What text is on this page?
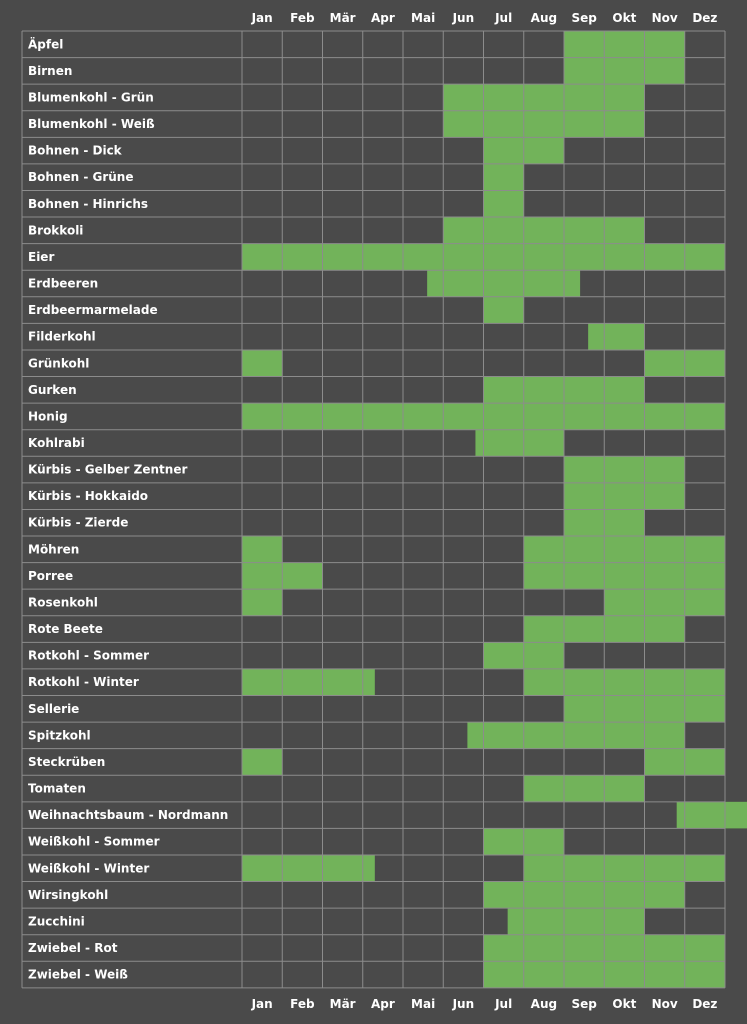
Äpfel
Birnen
Blumenkohl - Grün
Blumenkohl - Weiß
Bohnen - Dick
Bohnen - Grüne
Bohnen - Hinrichs
Brokkoli
Eier
Erdbeeren
Erdbeermarmelade
Filderkohl
Grünkohl
Gurken
Honig
Kohlrabi
Kürbis - Gelber Zentner
Kürbis - Hokkaido
Kürbis - Zierde
Möhren
Porree
Rosenkohl
Rote Beete
Rotkohl - Sommer
Rotkohl - Winter
Sellerie
Spitzkohl
Steckrüben
Tomaten
Weihnachtsbaum - Nordmann
Weißkohl - Sommer
Weißkohl - Winter
Wirsingkohl
Zucchini
Zwiebel - Rot
Zwiebel - Weiß
Jan Feb Mär Apr Mai Jun Jul Aug Sep Okt Nov Dez
Jan Feb Mär Apr Mai Jun Jul Aug Sep Okt Nov Dez
